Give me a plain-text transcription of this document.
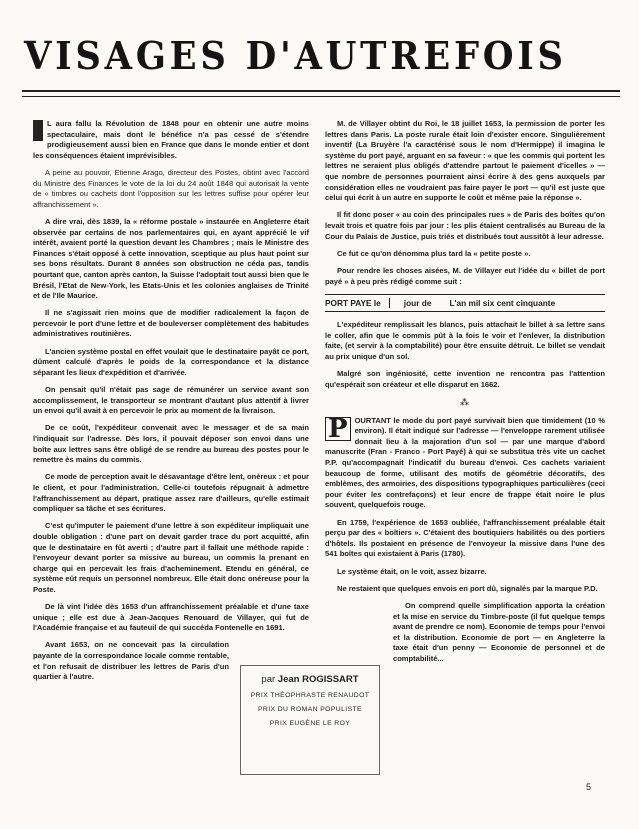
VISAGES D'AUTREFOIS

L aura fallu la Révolution de 1848 pour en obtenir une autre moins spectaculaire, mais dont le bénéfice n'a pas cessé de s'étendre prodigieusement aussi bien en France que dans le monde entier et dont les conséquences étaient imprévisibles.

A peine au pouvoir, Etienne Arago, directeur des Postes, obtint avec l'accord du Ministre des Finances le vote de la loi du 24 août 1848 qui autorisait la vente de « timbres ou cachets dont l'opposition sur les lettres suffise pour opérer leur affranchissement ».

A dire vrai, dès 1839, la « réforme postale » instaurée en Angleterre était observée par certains de nos parlementaires qui, en ayant apprécié le vif intérêt, avaient porté la question devant les Chambres ; mais le Ministre des Finances s'était opposé à cette innovation, sceptique au plus haut point sur ses bons résultats. Durant 8 années son obstruction ne céda pas, tandis pourtant que, canton après canton, la Suisse l'adoptait tout aussi bien que le Brésil, l'Etat de New-York, les Etats-Unis et les colonies anglaises de Trinité et de l'Ile Maurice.

Il ne s'agissait rien moins que de modifier radicalement la façon de percevoir le port d'une lettre et de bouleverser complètement des habitudes administratives routinières.

L'ancien système postal en effet voulait que le destinataire payât ce port, dûment calculé d'après le poids de la correspondance et la distance séparant les lieux d'expédition et d'arrivée.

On pensait qu'il n'était pas sage de rémunérer un service avant son accomplissement, le transporteur se montrant d'autant plus attentif à livrer un envoi qu'il avait à en percevoir le prix au moment de la livraison.

De ce coût, l'expéditeur convenait avec le messager et de sa main l'indiquait sur l'adresse. Dès lors, il pouvait déposer son envoi dans une boîte aux lettres sans être obligé de se rendre au bureau des postes pour le remettre ès mains du commis.

Ce mode de perception avait le désavantage d'être lent, onéreux : et pour le client, et pour l'administration. Celle-ci toutefois répugnait à admettre l'affranchissement au départ, pratique assez rare d'ailleurs, qu'elle estimait compliquer sa tâche et ses écritures.

C'est qu'imputer le paiement d'une lettre à son expéditeur impliquait une double obligation : d'une part on devait garder trace du port acquitté, afin que le destinataire en fût averti ; d'autre part il fallait une méthode rapide : l'envoyeur devant porter sa missive au bureau, un commis la prenant en charge qui en percevait les frais d'acheminement. Etendu en général, ce système eût requis un personnel nombreux. Elle était donc onéreuse pour la Poste.

De là vint l'idée dès 1653 d'un affranchissement préalable et d'une taxe unique ; elle est due à Jean-Jacques Renouard de Villayer, qui fut de l'Académie française et au fauteuil de qui succéda Fontenelle en 1691.

Avant 1653, on ne concevait pas la circulation payante de la correspondance locale comme rentable, et l'on refusait de distribuer les lettres de Paris d'un quartier à l'autre.

M. de Villayer obtint du Roi, le 18 juillet 1653, la permission de porter les lettres dans Paris. La poste rurale était loin d'exister encore. Singulièrement inventif (La Bruyère l'a caractérisé sous le nom d'Hermippe) il imagina le système du port payé, arguant en sa faveur : « que les commis qui portent les lettres ne seraient plus obligés d'attendre partout le paiement d'icelles » — que nombre de personnes pourraient ainsi écrire à des gens auxquels par considération elles ne voudraient pas faire payer le port — qu'il est juste que celui qui écrit à un autre en supporte le coût et même paie la réponse ».

Il fit donc poser « au coin des principales rues » de Paris des boîtes qu'on levait trois et quatre fois par jour : les plis étaient centralisés au Bureau de la Cour du Palais de Justice, puis triés et distribués tout aussitôt à leur adresse.

Ce fut ce qu'on dénomma plus tard la « petite poste ».

Pour rendre les choses aisées, M. de Villayer eut l'idée du « billet de port payé » à peu près rédigé comme suit :

PORT PAYE le	jour de	L'an mil six cent cinquante

L'expéditeur remplissait les blancs, puis attachait le billet à sa lettre sans le coller, afin que le commis pût à la fois le voir et l'enlever, la distribution faite, (et servir à la comptabilité) pour être ensuite détruit. Le billet se vendait au prix unique d'un sol.

Malgré son ingéniosité, cette invention ne rencontra pas l'attention qu'espérait son créateur et elle disparut en 1662.

⁂

P OURTANT le mode du port payé survivait bien que timidement (10 % environ). Il était indiqué sur l'adresse — l'enveloppe rarement utilisée donnait lieu à la majoration d'un sol — par une marque d'abord manuscrite (Fran - Franco - Port Payé) à qui se substitua très vite un cachet P.P. qu'accompagnait l'indicatif du bureau d'envoi. Ces cachets variaient beaucoup de forme, utilisant des motifs de géométrie décoratifs, des emblèmes, des armoiries, des dispositions typographiques particulières (ceci pour éviter les contrefaçons) et leur encre de frappe était noire le plus souvent, quelquefois rouge.

En 1759, l'expérience de 1653 oubliée, l'affranchissement préalable était perçu par des « boîtiers ». C'étaient des boutiquiers habilités ou des portiers d'hôtels. Ils postaient en présence de l'envoyeur la missive dans l'une des 541 boîtes qui existaient à Paris (1780).

Le système était, on le voit, assez bizarre.

Ne restaient que quelques envois en port dû, signalés par la marque P.D.

On comprend quelle simplification apporta la création et la mise en service du Timbre-poste (il fut quelque temps avant de prendre ce nom). Economie de temps pour l'envoi et la distribution. Economie de port — en Angleterre la taxe était d'un penny — Economie de personnel et de comptabilité...

par Jean ROGISSART
PRIX THÉOPHRASTE RENAUDOT
PRIX DU ROMAN POPULISTE
PRIX EUGÈNE LE ROY
5
